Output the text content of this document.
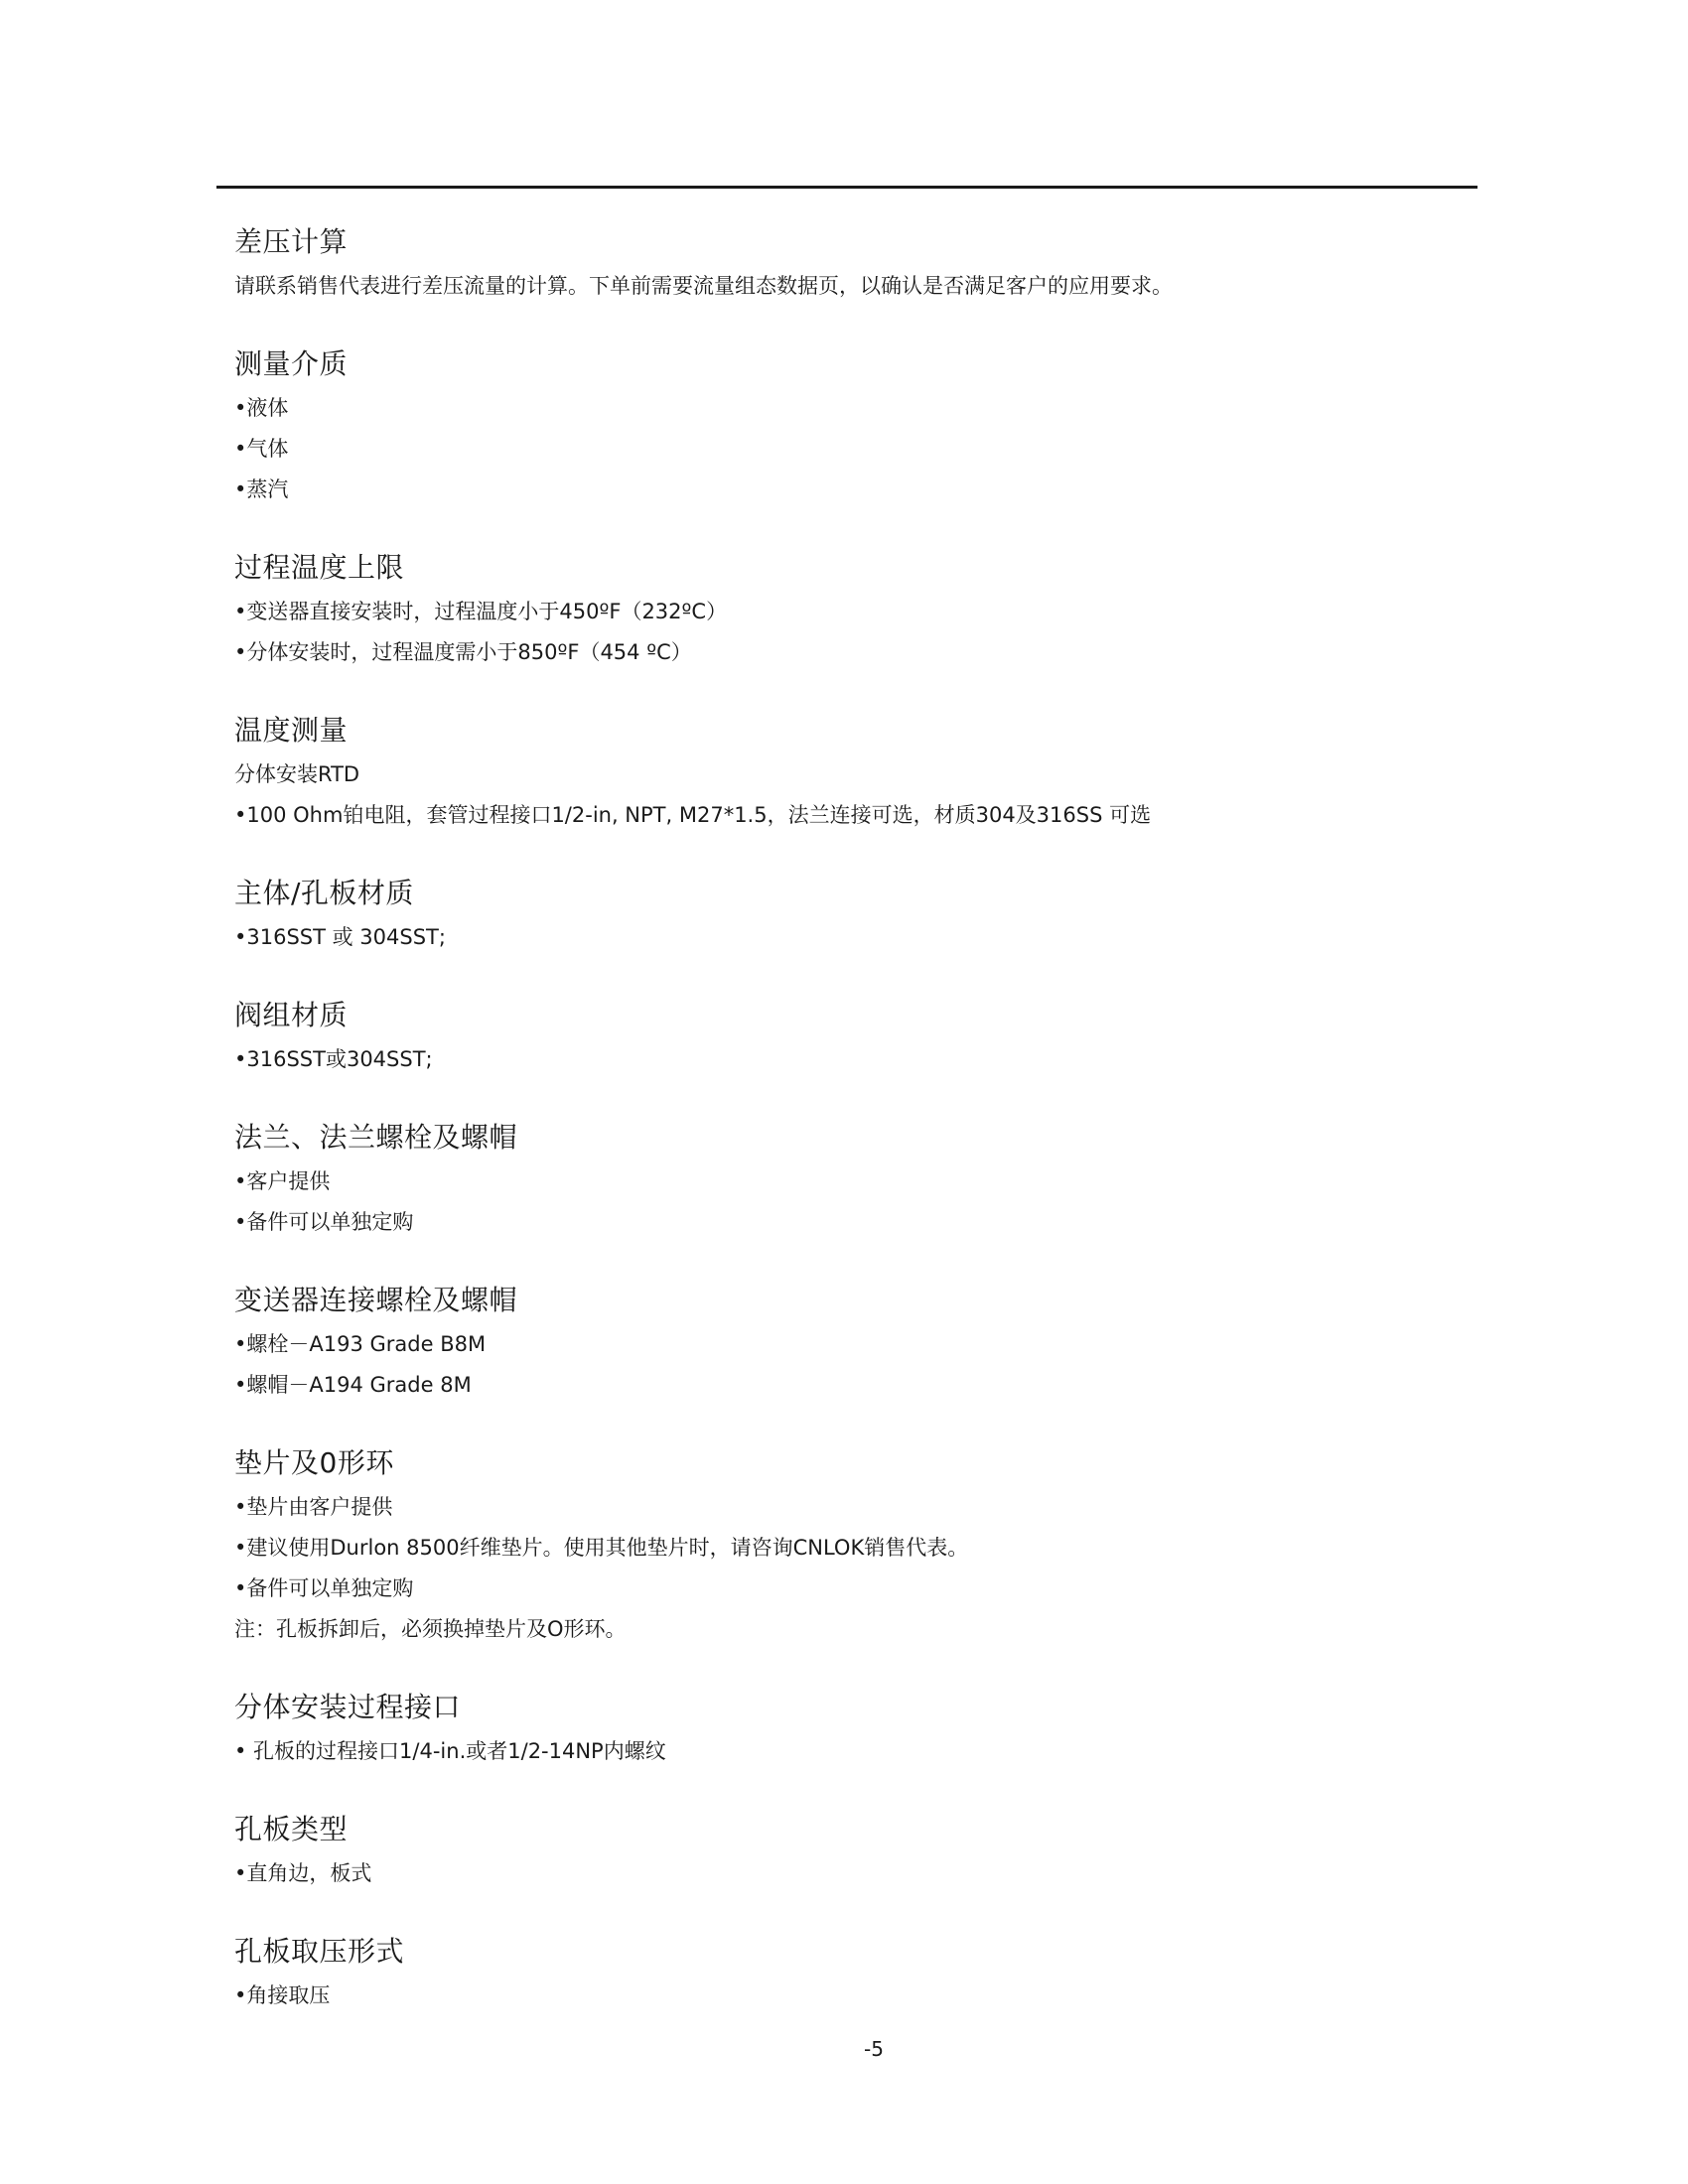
差压计算
请联系销售代表进行差压流量的计算。下单前需要流量组态数据页，以确认是否满足客户的应用要求。
测量介质
•液体
•气体
•蒸汽
过程温度上限
•变送器直接安装时，过程温度小于450ºF（232ºC）
•分体安装时，过程温度需小于850ºF（454 ºC）
温度测量
分体安装RTD
•100 Ohm铂电阻，套管过程接口1/2-in, NPT, M27*1.5，法兰连接可选，材质304及316SS 可选
主体/孔板材质
•316SST 或 304SST;
阀组材质
•316SST或304SST;
法兰、法兰螺栓及螺帽
•客户提供
•备件可以单独定购
变送器连接螺栓及螺帽
•螺栓－A193 Grade B8M
•螺帽－A194 Grade 8M
垫片及0形环
•垫片由客户提供
•建议使用Durlon 8500纤维垫片。使用其他垫片时，请咨询CNLOK销售代表。
•备件可以单独定购
注：孔板拆卸后，必须换掉垫片及O形环。
分体安装过程接口
• 孔板的过程接口1/4-in.或者1/2-14NP内螺纹
孔板类型
•直角边，板式
孔板取压形式
•角接取压
-5
